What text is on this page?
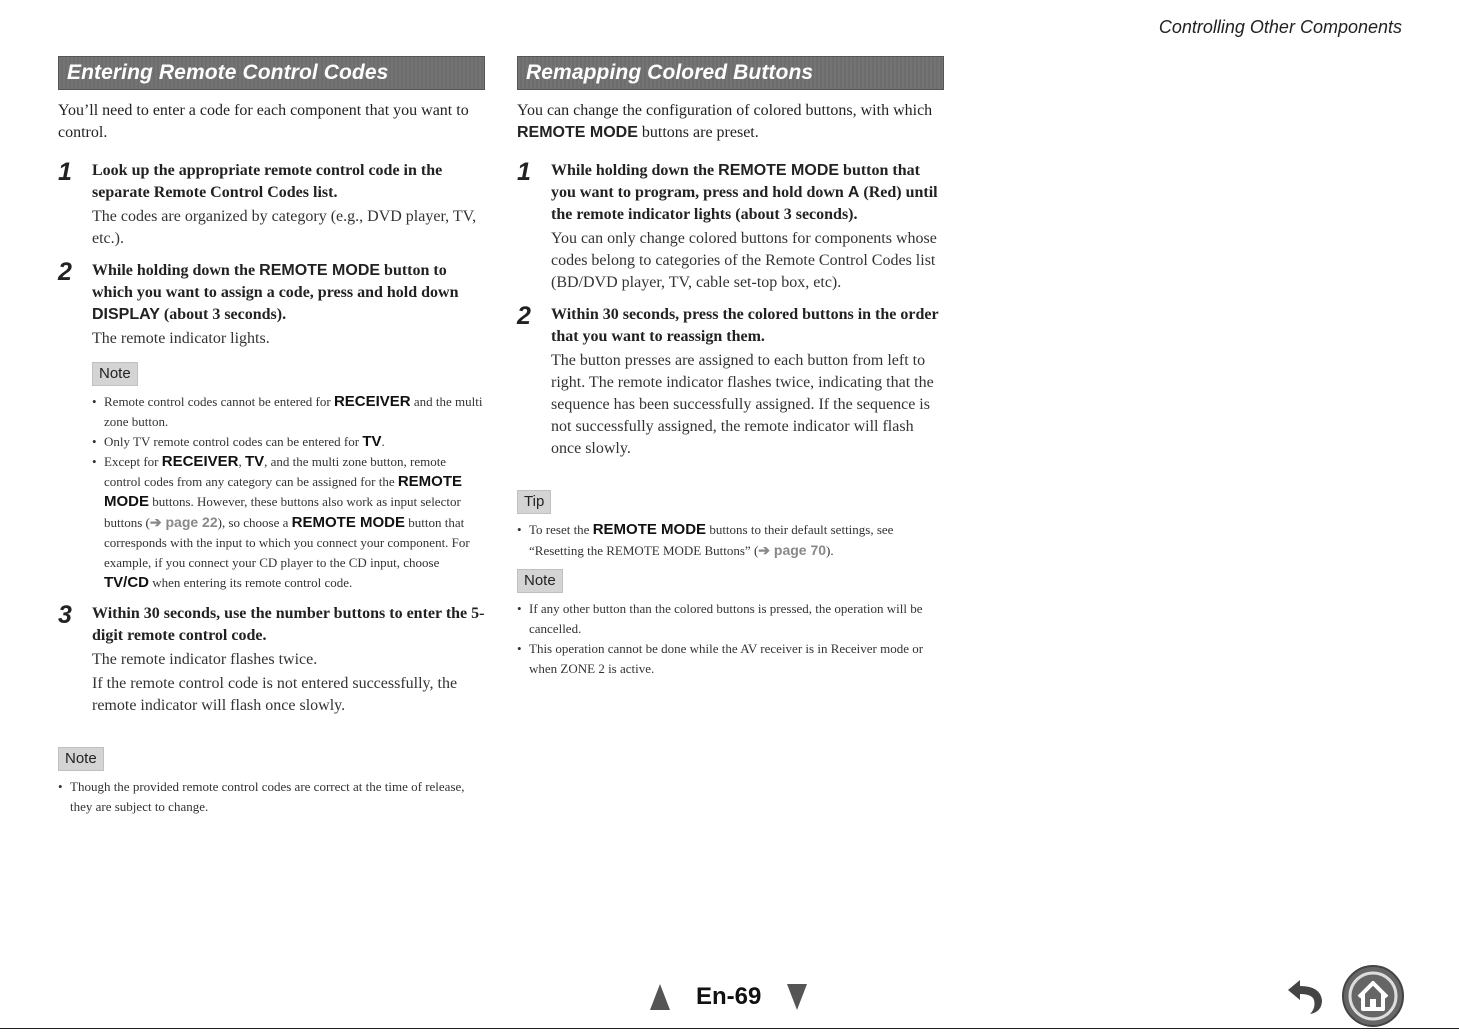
Controlling Other Components
Entering Remote Control Codes

You’ll need to enter a code for each component that you want to control.

1 Look up the appropriate remote control code in the separate Remote Control Codes list.

The codes are organized by category (e.g., DVD player, TV, etc.).

2 While holding down the REMOTE MODE button to which you want to assign a code, press and hold down DISPLAY (about 3 seconds).

The remote indicator lights.

Note
• Remote control codes cannot be entered for RECEIVER and the multi zone button.
• Only TV remote control codes can be entered for TV.
• Except for RECEIVER, TV, and the multi zone button, remote control codes from any category can be assigned for the REMOTE MODE buttons. However, these buttons also work as input selector buttons (➔ page 22), so choose a REMOTE MODE button that corresponds with the input to which you connect your component. For example, if you connect your CD player to the CD input, choose TV/CD when entering its remote control code.
3 Within 30 seconds, use the number buttons to enter the 5-digit remote control code.

The remote indicator flashes twice.

If the remote control code is not entered successfully, the remote indicator will flash once slowly.

Note
• Though the provided remote control codes are correct at the time of release, they are subject to change.
Remapping Colored Buttons

You can change the configuration of colored buttons, with which REMOTE MODE buttons are preset.

1 While holding down the REMOTE MODE button that you want to program, press and hold down A (Red) until the remote indicator lights (about 3 seconds).

You can only change colored buttons for components whose codes belong to categories of the Remote Control Codes list (BD/DVD player, TV, cable set-top box, etc).

2 Within 30 seconds, press the colored buttons in the order that you want to reassign them.

The button presses are assigned to each button from left to right. The remote indicator flashes twice, indicating that the sequence has been successfully assigned. If the sequence is not successfully assigned, the remote indicator will flash once slowly.

Tip
• To reset the REMOTE MODE buttons to their default settings, see “Resetting the REMOTE MODE Buttons” (➔ page 70).
Note
• If any other button than the colored buttons is pressed, the operation will be cancelled.
• This operation cannot be done while the AV receiver is in Receiver mode or when ZONE 2 is active.
En-69
